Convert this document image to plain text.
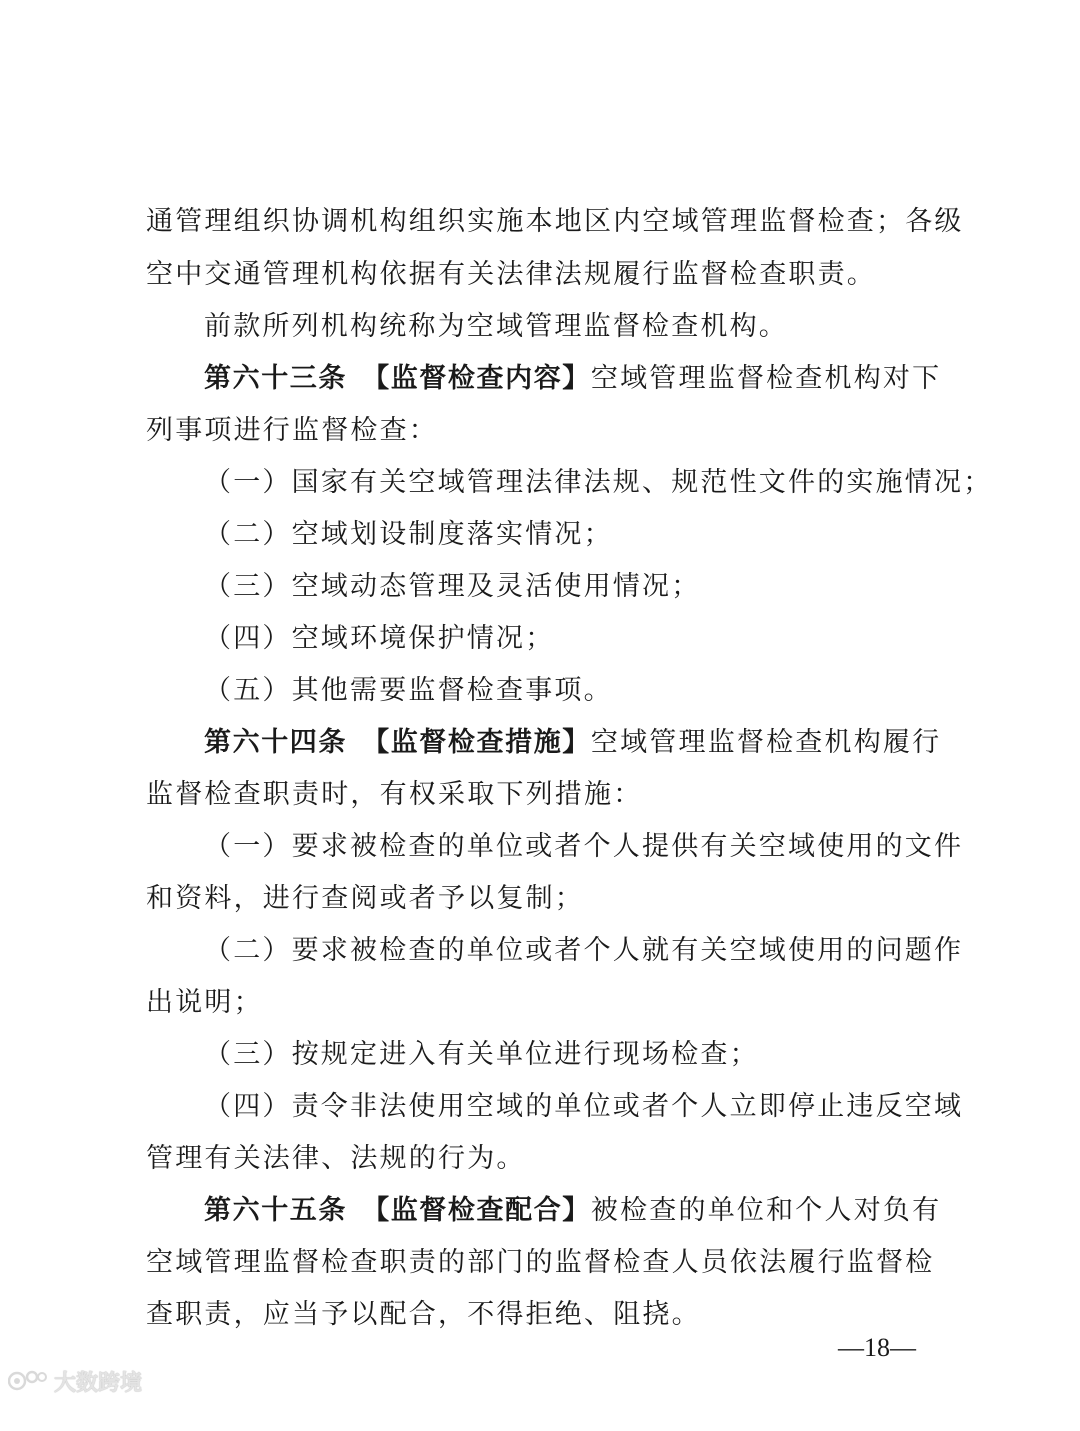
通管理组织协调机构组织实施本地区内空域管理监督检查；各级
空中交通管理机构依据有关法律法规履行监督检查职责。
前款所列机构统称为空域管理监督检查机构。
第六十三条　【监督检查内容】空域管理监督检查机构对下
列事项进行监督检查：
（一）国家有关空域管理法律法规、规范性文件的实施情况；
（二）空域划设制度落实情况；
（三）空域动态管理及灵活使用情况；
（四）空域环境保护情况；
（五）其他需要监督检查事项。
第六十四条　【监督检查措施】空域管理监督检查机构履行
监督检查职责时，有权采取下列措施：
（一）要求被检查的单位或者个人提供有关空域使用的文件
和资料，进行查阅或者予以复制；
（二）要求被检查的单位或者个人就有关空域使用的问题作
出说明；
（三）按规定进入有关单位进行现场检查；
（四）责令非法使用空域的单位或者个人立即停止违反空域
管理有关法律、法规的行为。
第六十五条　【监督检查配合】被检查的单位和个人对负有
空域管理监督检查职责的部门的监督检查人员依法履行监督检
查职责，应当予以配合，不得拒绝、阻挠。
—18—
大数跨境
